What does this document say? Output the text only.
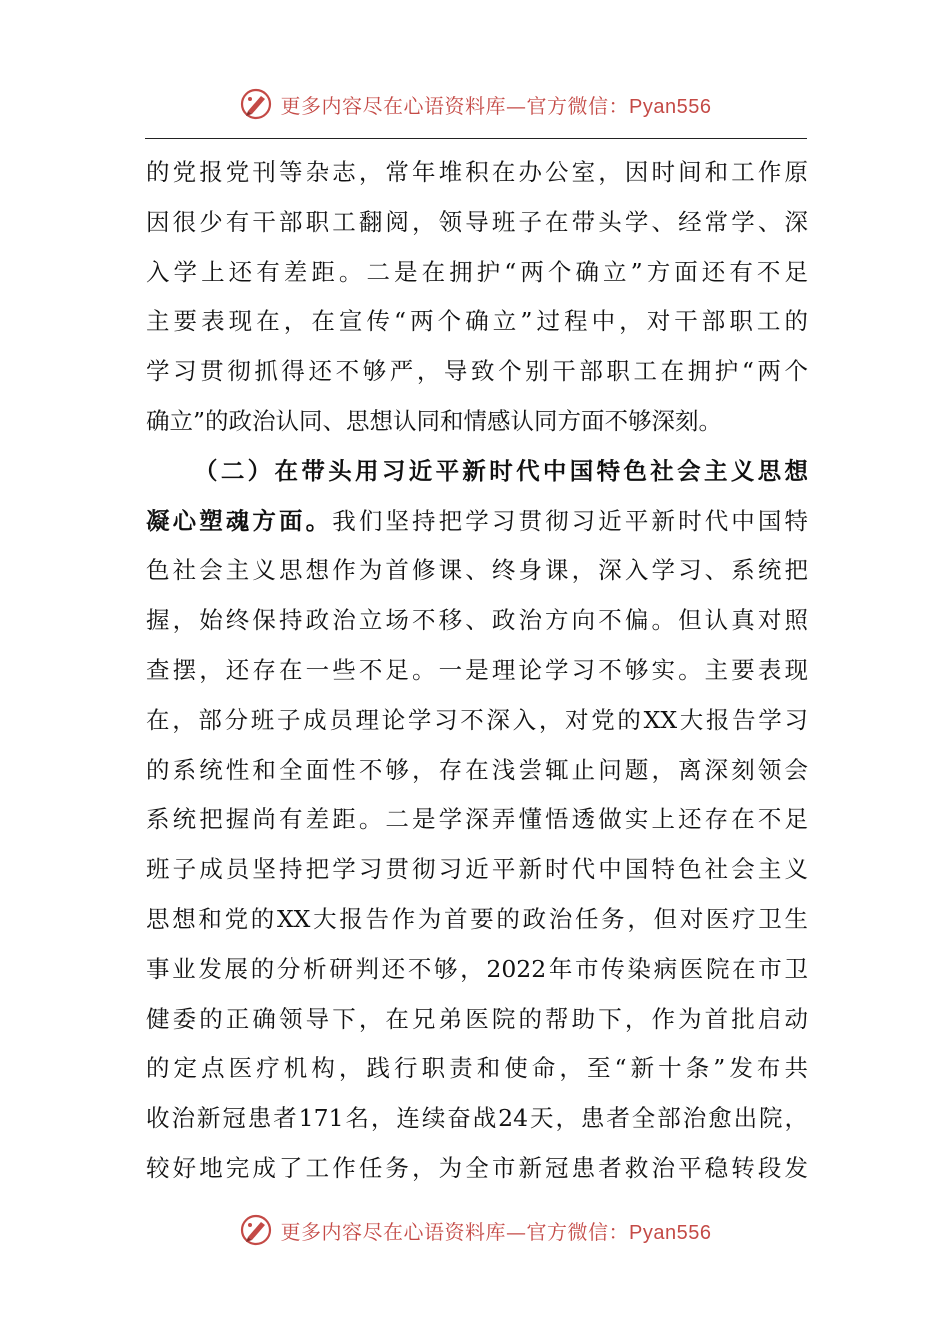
更多内容尽在心语资料库—官方微信：Pyan556
的党报党刊等杂志，常年堆积在办公室，因时间和工作原
因很少有干部职工翻阅，领导班子在带头学、经常学、深
入学上还有差距。二是在拥护“两个确立”方面还有不足
主要表现在，在宣传“两个确立”过程中，对干部职工的
学习贯彻抓得还不够严，导致个别干部职工在拥护“两个
确立”的政治认同、思想认同和情感认同方面不够深刻。
（二）在带头用习近平新时代中国特色社会主义思想
凝心塑魂方面。我们坚持把学习贯彻习近平新时代中国特
色社会主义思想作为首修课、终身课，深入学习、系统把
握，始终保持政治立场不移、政治方向不偏。但认真对照
查摆，还存在一些不足。一是理论学习不够实。主要表现
在，部分班子成员理论学习不深入，对党的XX大报告学习
的系统性和全面性不够，存在浅尝辄止问题，离深刻领会
系统把握尚有差距。二是学深弄懂悟透做实上还存在不足
班子成员坚持把学习贯彻习近平新时代中国特色社会主义
思想和党的XX大报告作为首要的政治任务，但对医疗卫生
事业发展的分析研判还不够，2022年市传染病医院在市卫
健委的正确领导下，在兄弟医院的帮助下，作为首批启动
的定点医疗机构，践行职责和使命，至“新十条”发布共
收治新冠患者171名，连续奋战24天，患者全部治愈出院，
较好地完成了工作任务，为全市新冠患者救治平稳转段发
更多内容尽在心语资料库—官方微信：Pyan556
